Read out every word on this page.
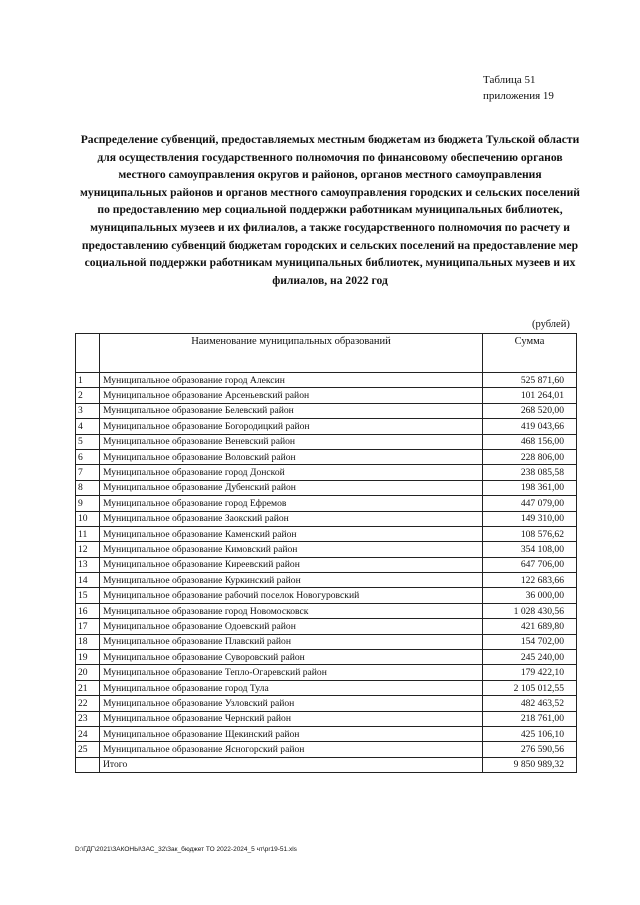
Таблица 51
приложения 19
Распределение субвенций, предоставляемых местным бюджетам из бюджета Тульской области для осуществления государственного полномочия по финансовому обеспечению органов местного самоуправления округов и районов, органов местного самоуправления муниципальных районов и органов местного самоуправления городских и сельских поселений по предоставлению мер социальной поддержки работникам муниципальных библиотек, муниципальных музеев и их филиалов, а также государственного полномочия по расчету и предоставлению субвенций бюджетам городских и сельских поселений на предоставление мер социальной поддержки работникам муниципальных библиотек, муниципальных музеев и их филиалов, на 2022 год
(рублей)
	Наименование муниципальных образований	Сумма
1	Муниципальное образование город Алексин	525 871,60
2	Муниципальное образование Арсеньевский район	101 264,01
3	Муниципальное образование Белевский район	268 520,00
4	Муниципальное образование Богородицкий район	419 043,66
5	Муниципальное образование Веневский район	468 156,00
6	Муниципальное образование Воловский район	228 806,00
7	Муниципальное образование город Донской	238 085,58
8	Муниципальное образование Дубенский район	198 361,00
9	Муниципальное образование город Ефремов	447 079,00
10	Муниципальное образование Заокский район	149 310,00
11	Муниципальное образование Каменский район	108 576,62
12	Муниципальное образование Кимовский район	354 108,00
13	Муниципальное образование Киреевский район	647 706,00
14	Муниципальное образование Куркинский район	122 683,66
15	Муниципальное образование рабочий поселок Новогуровский	36 000,00
16	Муниципальное образование город Новомосковск	1 028 430,56
17	Муниципальное образование Одоевский район	421 689,80
18	Муниципальное образование Плавский район	154 702,00
19	Муниципальное образование Суворовский район	245 240,00
20	Муниципальное образование Тепло-Огаревский район	179 422,10
21	Муниципальное образование город Тула	2 105 012,55
22	Муниципальное образование Узловский район	482 463,52
23	Муниципальное образование Чернский район	218 761,00
24	Муниципальное образование Щекинский район	425 106,10
25	Муниципальное образование Ясногорский район	276 590,56
	Итого	9 850 989,32
D:\ГДГ\2021\ЗАКОНЫ\ЗАС_32\Зак_бюджет ТО 2022-2024_5 чт\pr19-51.xls
